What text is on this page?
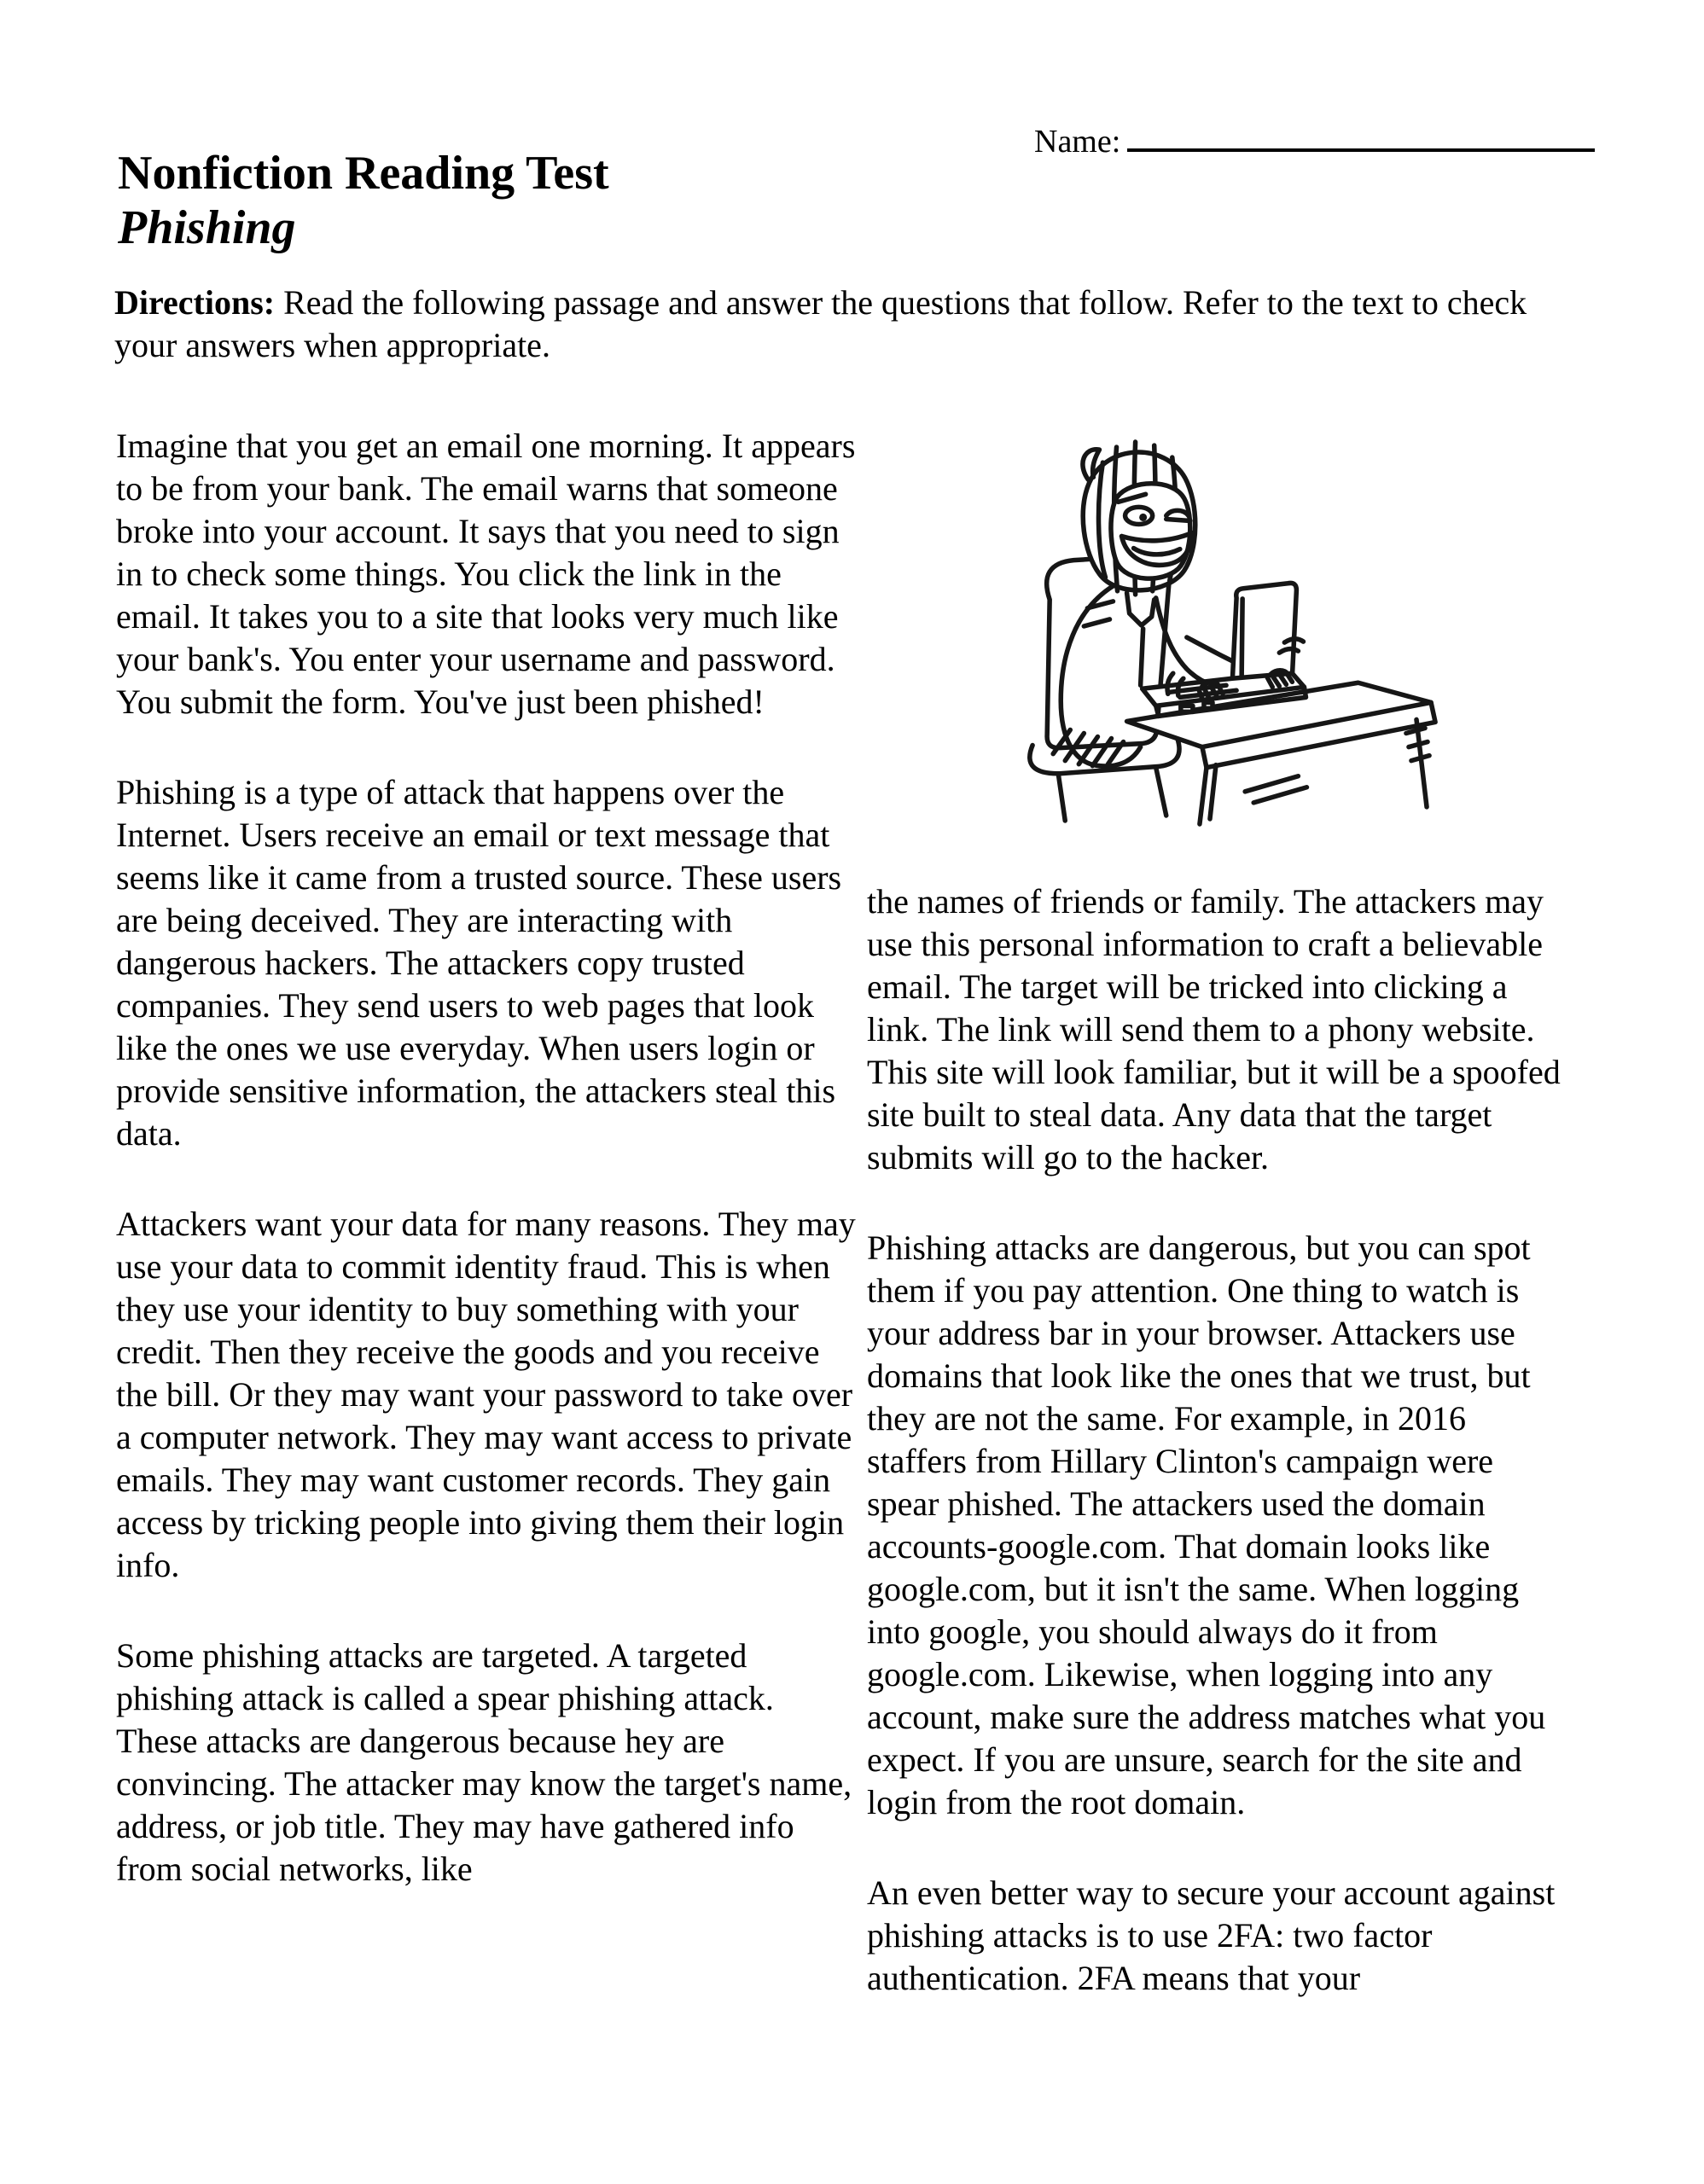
Name:
Nonfiction Reading Test
Phishing
Directions: Read the following passage and answer the questions that follow. Refer to the text to check your answers when appropriate.

Imagine that you get an email one morning. It appears to be from your bank. The email warns that someone broke into your account. It says that you need to sign in to check some things. You click the link in the email. It takes you to a site that looks very much like your bank's. You enter your username and password. You submit the form. You've just been phished!

Phishing is a type of attack that happens over the Internet. Users receive an email or text message that seems like it came from a trusted source. These users are being deceived. They are interacting with dangerous hackers. The attackers copy trusted companies. They send users to web pages that look like the ones we use everyday. When users login or provide sensitive information, the attackers steal this data.

Attackers want your data for many reasons. They may use your data to commit identity fraud. This is when they use your identity to buy something with your credit. Then they receive the goods and you receive the bill. Or they may want your password to take over a computer network. They may want access to private emails. They may want customer records. They gain access by tricking people into giving them their login info.

Some phishing attacks are targeted. A targeted phishing attack is called a spear phishing attack. These attacks are dangerous because hey are convincing. The attacker may know the target's name, address, or job title. They may have gathered info from social networks, like

the names of friends or family. The attackers may use this personal information to craft a believable email. The target will be tricked into clicking a link. The link will send them to a phony website. This site will look familiar, but it will be a spoofed site built to steal data. Any data that the target submits will go to the hacker.

Phishing attacks are dangerous, but you can spot them if you pay attention. One thing to watch is your address bar in your browser. Attackers use domains that look like the ones that we trust, but they are not the same. For example, in 2016 staffers from Hillary Clinton's campaign were spear phished. The attackers used the domain accounts-google.com. That domain looks like google.com, but it isn't the same. When logging into google, you should always do it from google.com. Likewise, when logging into any account, make sure the address matches what you expect. If you are unsure, search for the site and login from the root domain.

An even better way to secure your account against phishing attacks is to use 2FA: two factor authentication. 2FA means that your
